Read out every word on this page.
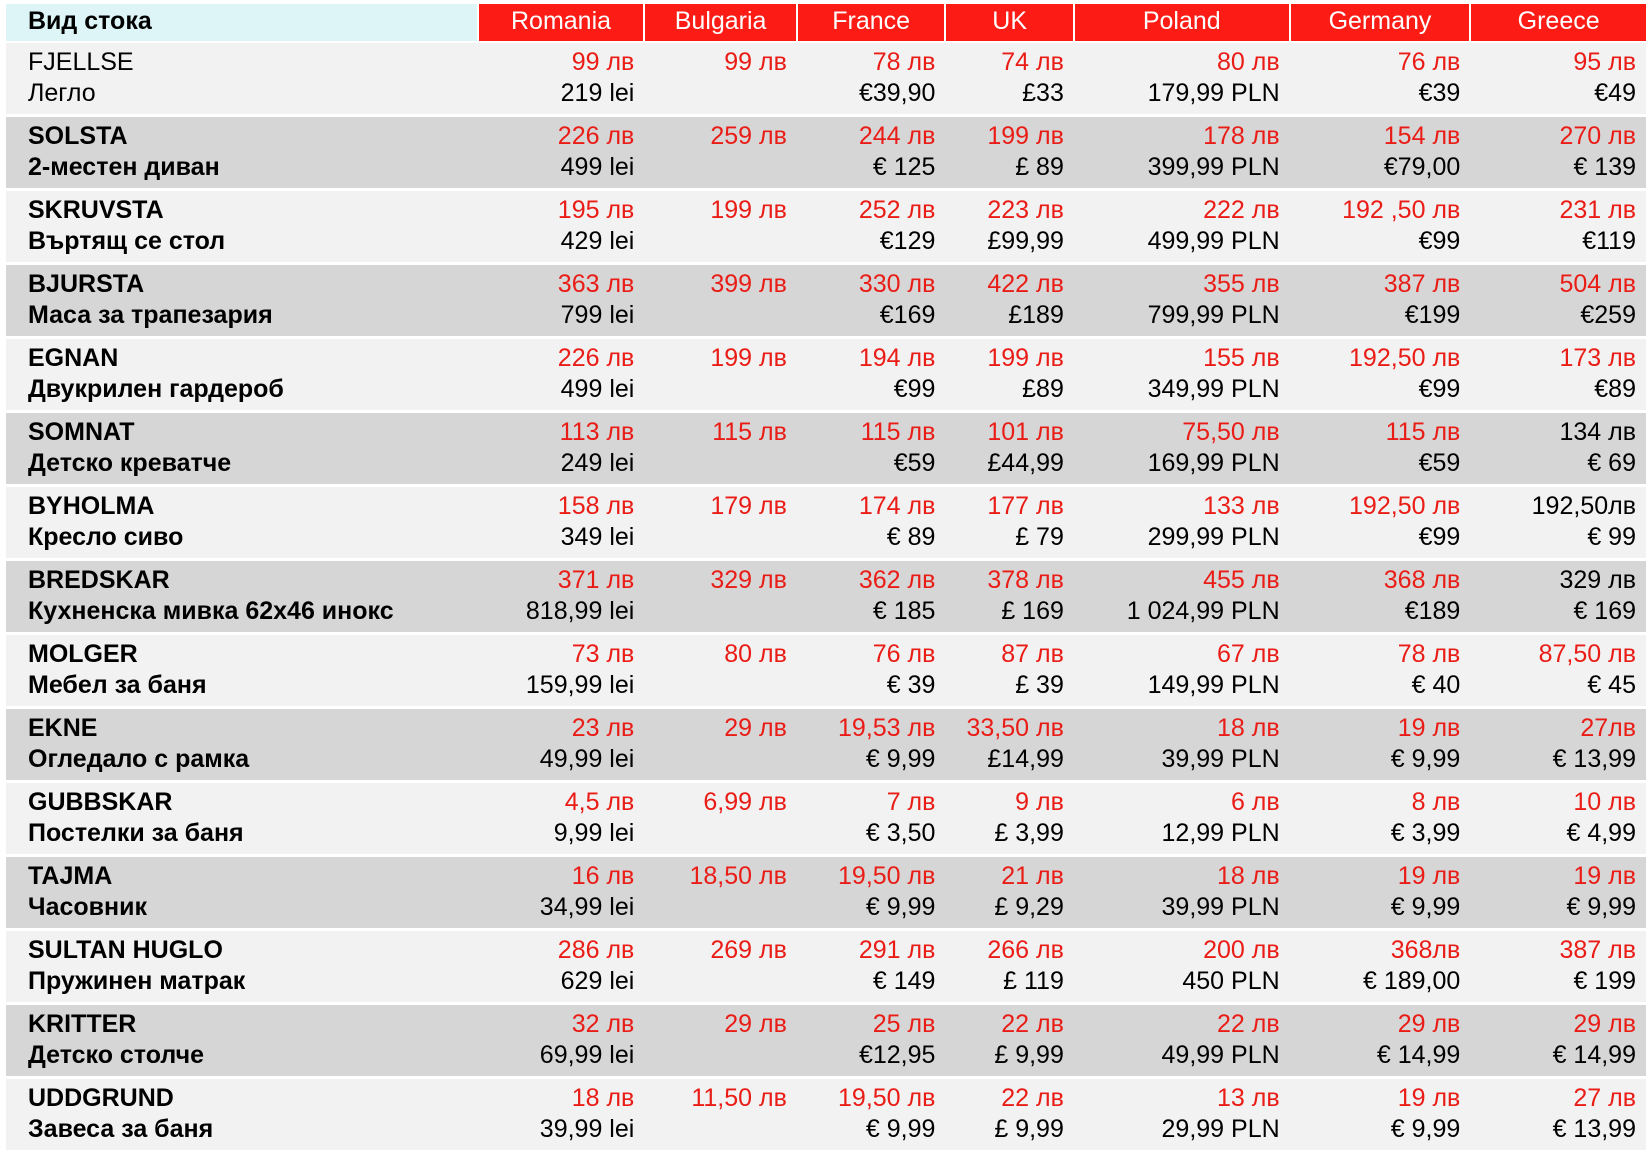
Вид стока	Romania	Bulgaria	France	UK	Poland	Germany	Greece
FJELLSE	99 лв	99 лв	78 лв	74 лв	80 лв	76 лв	95 лв
Легло	219 lei		€39,90	£33	179,99 PLN	€39	€49
SOLSTA	226 лв	259 лв	244 лв	199 лв	178 лв	154 лв	270 лв
2-местен диван	499 lei		€ 125	£ 89	399,99 PLN	€79,00	€ 139
SKRUVSTA	195 лв	199 лв	252 лв	223 лв	222 лв	192 ,50 лв	231 лв
Въртящ се стол	429 lei		€129	£99,99	499,99 PLN	€99	€119
BJURSTA	363 лв	399 лв	330 лв	422 лв	355 лв	387 лв	504 лв
Маса за трапезария	799 lei		€169	£189	799,99 PLN	€199	€259
EGNAN	226 лв	199 лв	194 лв	199 лв	155 лв	192,50 лв	173 лв
Двукрилен гардероб	499 lei		€99	£89	349,99 PLN	€99	€89
SOMNAT	113 лв	115 лв	115 лв	101 лв	75,50 лв	115 лв	134 лв
Детско креватче	249 lei		€59	£44,99	169,99 PLN	€59	€ 69
BYHOLMA	158 лв	179 лв	174 лв	177 лв	133 лв	192,50 лв	192,50лв
Кресло сиво	349 lei		€ 89	£ 79	299,99 PLN	€99	€ 99
BREDSKAR	371 лв	329 лв	362 лв	378 лв	455 лв	368 лв	329 лв
Кухненска мивка 62х46 инокс	818,99 lei		€ 185	£ 169	1 024,99 PLN	€189	€ 169
MOLGER	73 лв	80 лв	76 лв	87 лв	67 лв	78 лв	87,50 лв
Мебел за баня	159,99 lei		€ 39	£ 39	149,99 PLN	€ 40	€ 45
EKNE	23 лв	29 лв	19,53 лв	33,50 лв	18 лв	19 лв	27лв
Огледало с рамка	49,99 lei		€ 9,99	£14,99	39,99 PLN	€ 9,99	€ 13,99
GUBBSKAR	4,5 лв	6,99 лв	7 лв	9 лв	6 лв	8 лв	10 лв
Постелки за баня	9,99 lei		€ 3,50	£ 3,99	12,99 PLN	€ 3,99	€ 4,99
TAJMA	16 лв	18,50 лв	19,50 лв	21 лв	18 лв	19 лв	19 лв
Часовник	34,99 lei		€ 9,99	£ 9,29	39,99 PLN	€ 9,99	€ 9,99
SULTAN HUGLO	286 лв	269 лв	291 лв	266 лв	200 лв	368лв	387 лв
Пружинен матрак	629 lei		€ 149	£ 119	450 PLN	€ 189,00	€ 199
KRITTER	32 лв	29 лв	25 лв	22 лв	22 лв	29 лв	29 лв
Детско столче	69,99 lei		€12,95	£ 9,99	49,99 PLN	€ 14,99	€ 14,99
UDDGRUND	18 лв	11,50 лв	19,50 лв	22 лв	13 лв	19 лв	27 лв
Завеса за баня	39,99 lei		€ 9,99	£ 9,99	29,99 PLN	€ 9,99	€ 13,99
